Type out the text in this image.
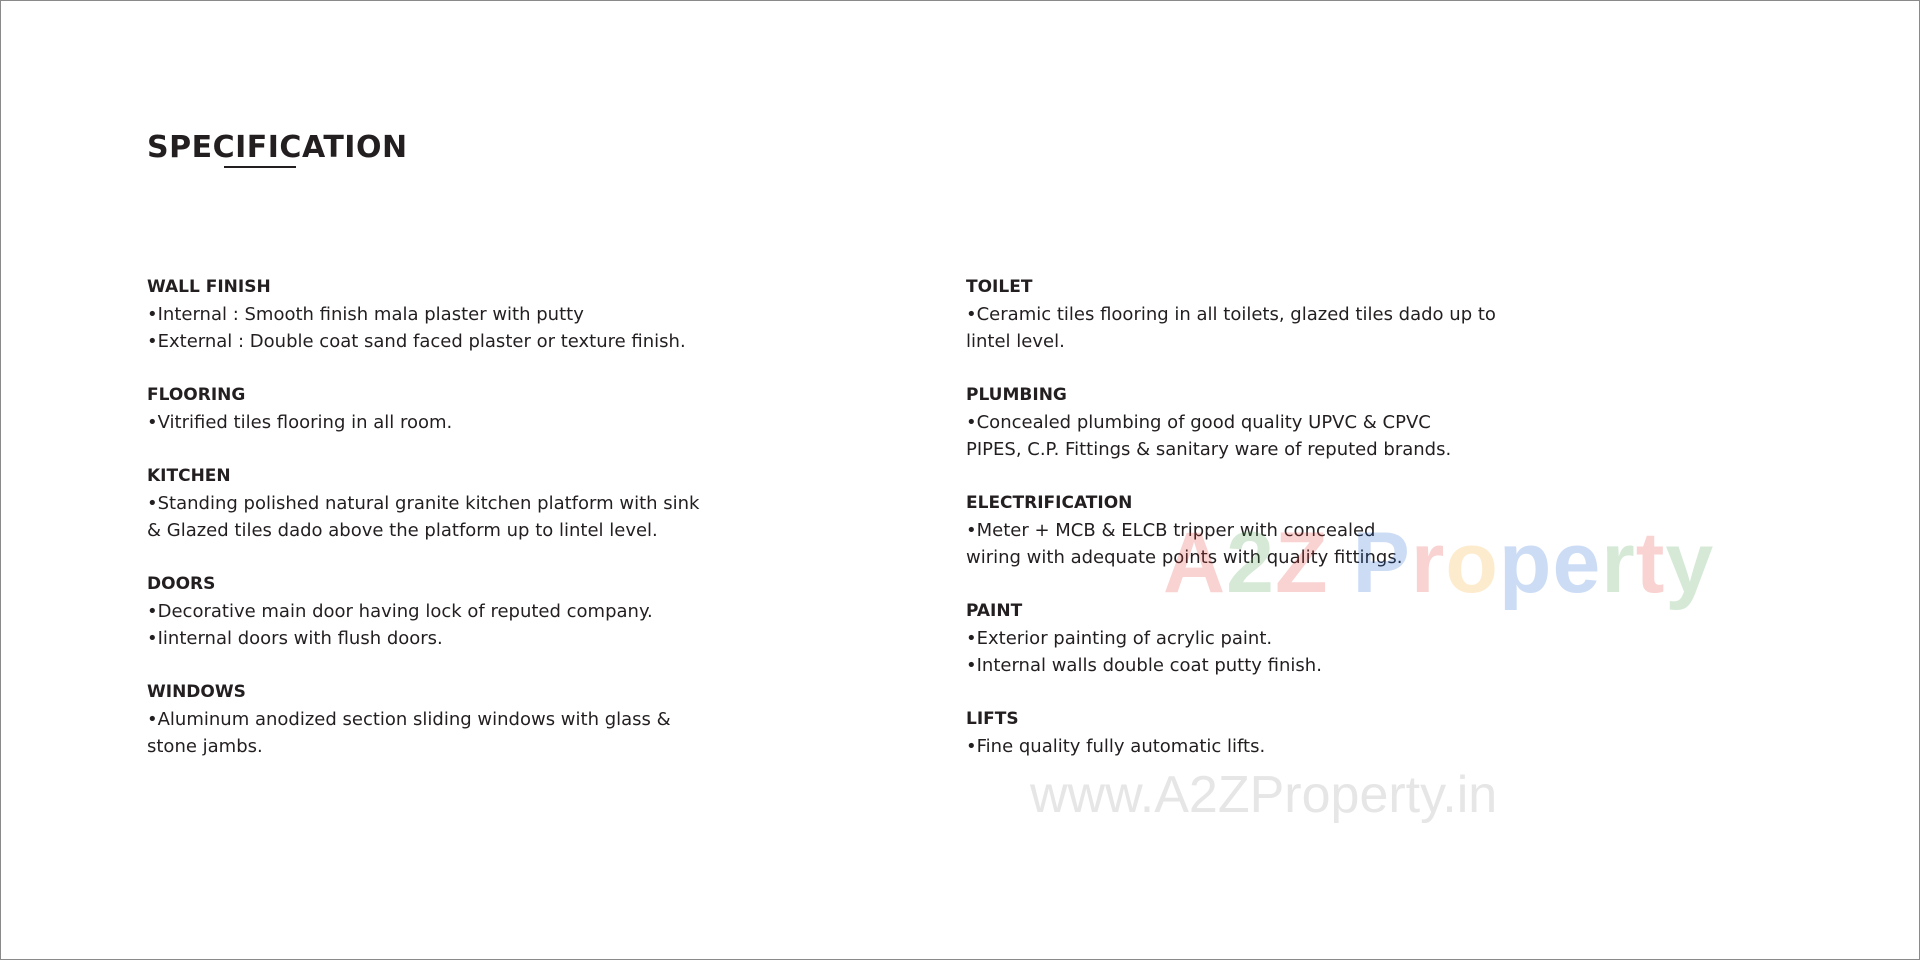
SPECIFICATION
WALL FINISH
•Internal : Smooth finish mala plaster with putty
•External : Double coat sand faced plaster or texture finish.
FLOORING
•Vitrified tiles flooring in all room.
KITCHEN
•Standing polished natural granite kitchen platform with sink
& Glazed tiles dado above the platform up to lintel level.
DOORS
•Decorative main door having lock of reputed company.
•Iinternal doors with flush doors.
WINDOWS
•Aluminum anodized section sliding windows with glass &
stone jambs.
TOILET
•Ceramic tiles flooring in all toilets, glazed tiles dado up to
lintel level.
PLUMBING
•Concealed plumbing of good quality UPVC & CPVC
PIPES, C.P. Fittings & sanitary ware of reputed brands.
ELECTRIFICATION
•Meter + MCB & ELCB tripper with concealed
wiring with adequate points with quality fittings.
PAINT
•Exterior painting of acrylic paint.
•Internal walls double coat putty finish.
LIFTS
•Fine quality fully automatic lifts.
A2Z Property
www.A2ZProperty.in
